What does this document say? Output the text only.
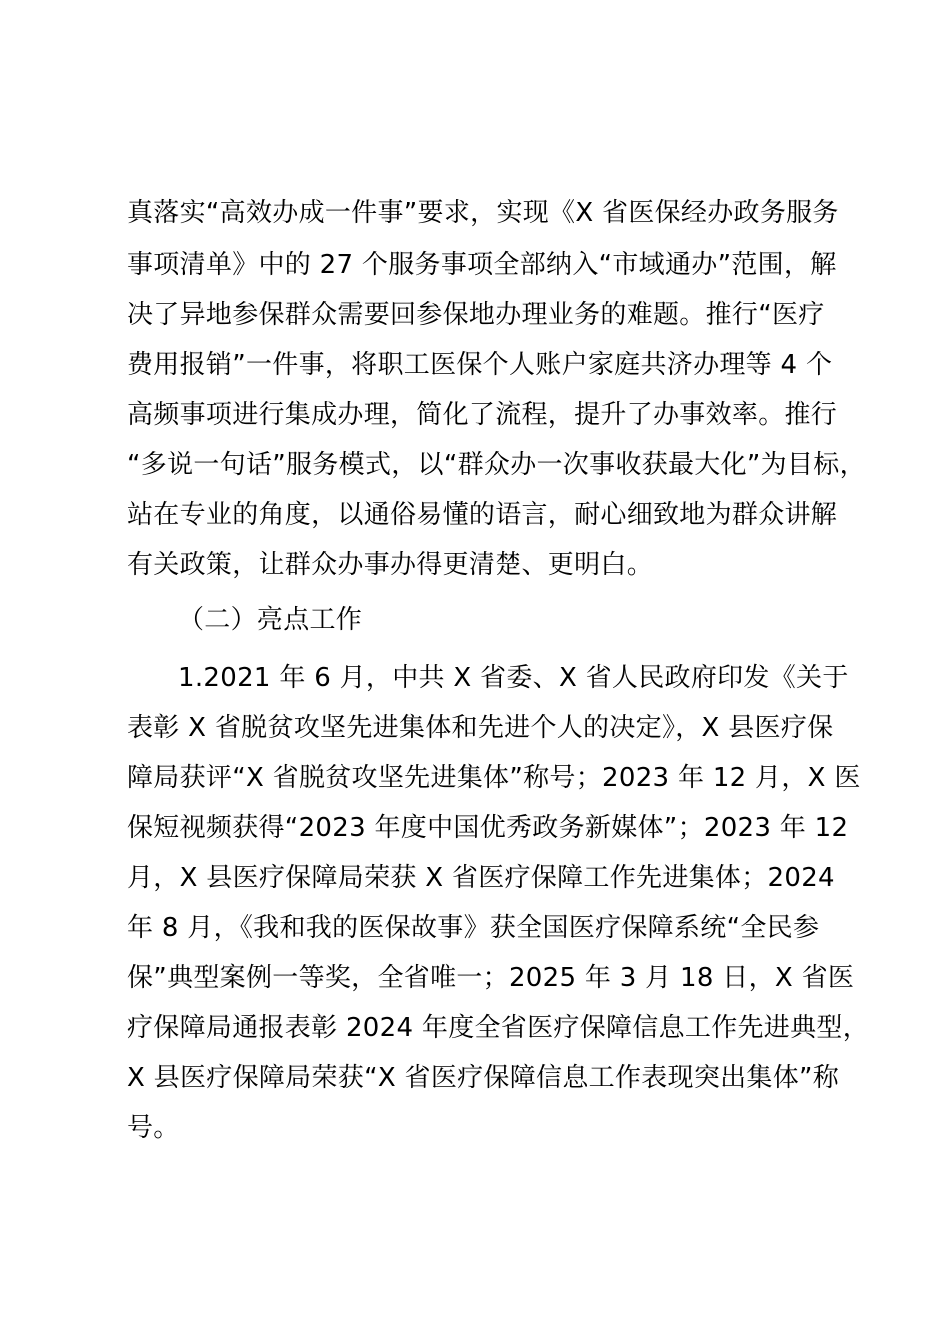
真落实“高效办成一件事”要求，实现《X 省医保经办政务服务
事项清单》中的 27 个服务事项全部纳入“市域通办”范围，解
决了异地参保群众需要回参保地办理业务的难题。推行“医疗
费用报销”一件事，将职工医保个人账户家庭共济办理等 4 个
高频事项进行集成办理，简化了流程，提升了办事效率。推行
“多说一句话”服务模式，以“群众办一次事收获最大化”为目标，
站在专业的角度，以通俗易懂的语言，耐心细致地为群众讲解
有关政策，让群众办事办得更清楚、更明白。
（二）亮点工作
1.2021 年 6 月，中共 X 省委、X 省人民政府印发《关于
表彰 X 省脱贫攻坚先进集体和先进个人的决定》，X 县医疗保
障局获评“X 省脱贫攻坚先进集体”称号；2023 年 12 月，X 医
保短视频获得“2023 年度中国优秀政务新媒体”；2023 年 12
月，X 县医疗保障局荣获 X 省医疗保障工作先进集体；2024
年 8 月，《我和我的医保故事》获全国医疗保障系统“全民参
保”典型案例一等奖，全省唯一；2025 年 3 月 18 日，X 省医
疗保障局通报表彰 2024 年度全省医疗保障信息工作先进典型，
X 县医疗保障局荣获“X 省医疗保障信息工作表现突出集体”称
号。
